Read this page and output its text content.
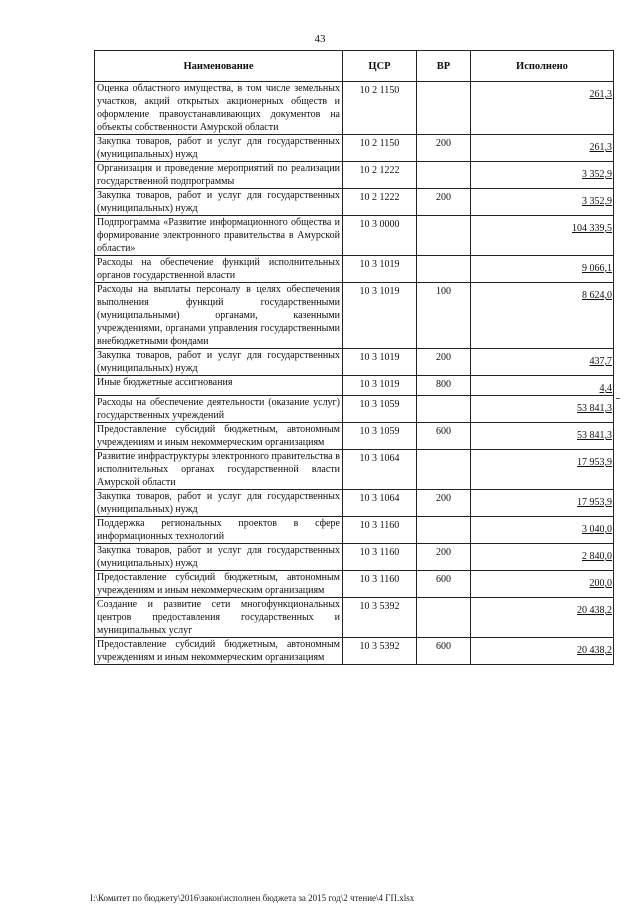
43
Наименование	ЦСР	ВР	Исполнено
Оценка областного имущества, в том числе земельных участков, акций открытых акционерных обществ и оформление правоустанавливающих документов на объекты собственности Амурской области	10 2 1150		261,3
Закупка товаров, работ и услуг для государственных (муниципальных) нужд	10 2 1150	200	261,3
Организация и проведение мероприятий по реализации государственной подпрограммы	10 2 1222		3 352,9
Закупка товаров, работ и услуг для государственных (муниципальных) нужд	10 2 1222	200	3 352,9
Подпрограмма «Развитие информационного общества и формирование электронного правительства в Амурской области»	10 3 0000		104 339,5
Расходы на обеспечение функций исполнительных органов государственной власти	10 3 1019		9 066,1
Расходы на выплаты персоналу в целях обеспечения выполнения функций государственными (муниципальными) органами, казенными учреждениями, органами управления государственными внебюджетными фондами	10 3 1019	100	8 624,0
Закупка товаров, работ и услуг для государственных (муниципальных) нужд	10 3 1019	200	437,7
Иные бюджетные ассигнования	10 3 1019	800	4,4
Расходы на обеспечение деятельности (оказание услуг) государственных учреждений	10 3 1059		53 841,3
Предоставление субсидий бюджетным, автономным учреждениям и иным некоммерческим организациям	10 3 1059	600	53 841,3
Развитие инфраструктуры электронного правительства в исполнительных органах государственной власти Амурской области	10 3 1064		17 953,9
Закупка товаров, работ и услуг для государственных (муниципальных) нужд	10 3 1064	200	17 953,9
Поддержка региональных проектов в сфере информационных технологий	10 3 1160		3 040,0
Закупка товаров, работ и услуг для государственных (муниципальных) нужд	10 3 1160	200	2 840,0
Предоставление субсидий бюджетным, автономным учреждениям и иным некоммерческим организациям	10 3 1160	600	200,0
Создание и развитие сети многофункциональных центров предоставления государственных и муниципальных услуг	10 3 5392		20 438,2
Предоставление субсидий бюджетным, автономным учреждениям и иным некоммерческим организациям	10 3 5392	600	20 438,2
I:\Комитет по бюджету\2016\закон\исполнен бюджета за 2015 год\2 чтение\4 ГП.xlsx
